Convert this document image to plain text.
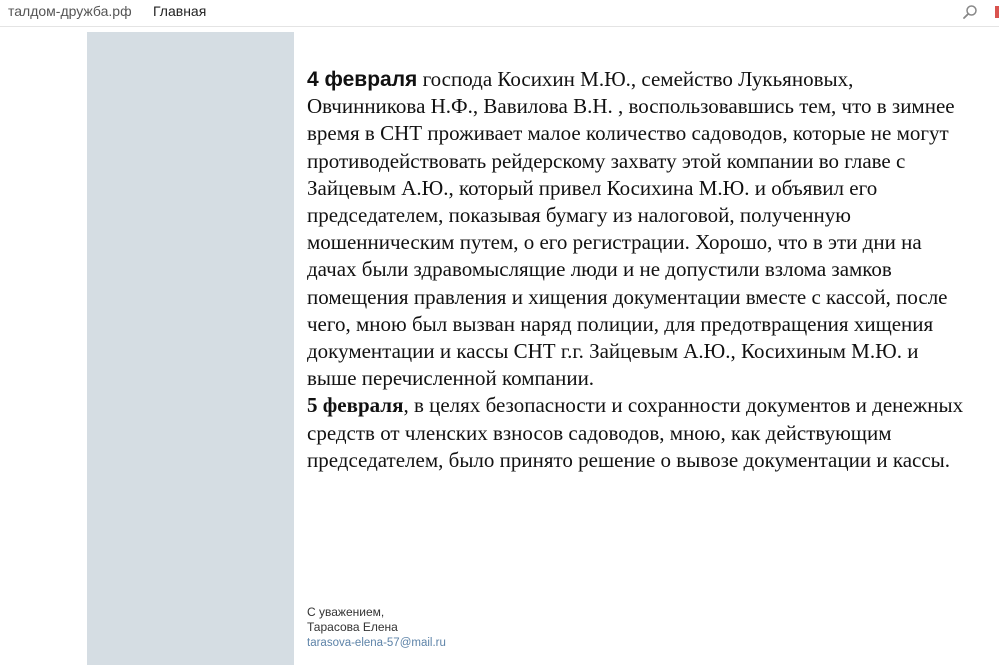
талдом-дружба.рф Главная

4 февраля господа Косихин М.Ю., семейство Лукьяновых, Овчинникова Н.Ф., Вавилова В.Н. , воспользовавшись тем, что в зимнее время в СНТ проживает малое количество садоводов, которые не могут противодействовать рейдерскому захвату этой компании во главе с Зайцевым А.Ю., который привел Косихина М.Ю. и объявил его председателем, показывая бумагу из налоговой, полученную мошенническим путем, о его регистрации. Хорошо, что в эти дни на дачах были здравомыслящие люди и не допустили взлома замков помещения правления и хищения документации вместе с кассой, после чего, мною был вызван наряд полиции, для предотвращения хищения документации и кассы СНТ г.г. Зайцевым А.Ю., Косихиным М.Ю. и выше перечисленной компании.

5 февраля, в целях безопасности и сохранности документов и денежных средств от членских взносов садоводов, мною, как действующим председателем, было принято решение о вывозе документации и кассы.

С уважением,
Тарасова Елена
tarasova-elena-57@mail.ru
